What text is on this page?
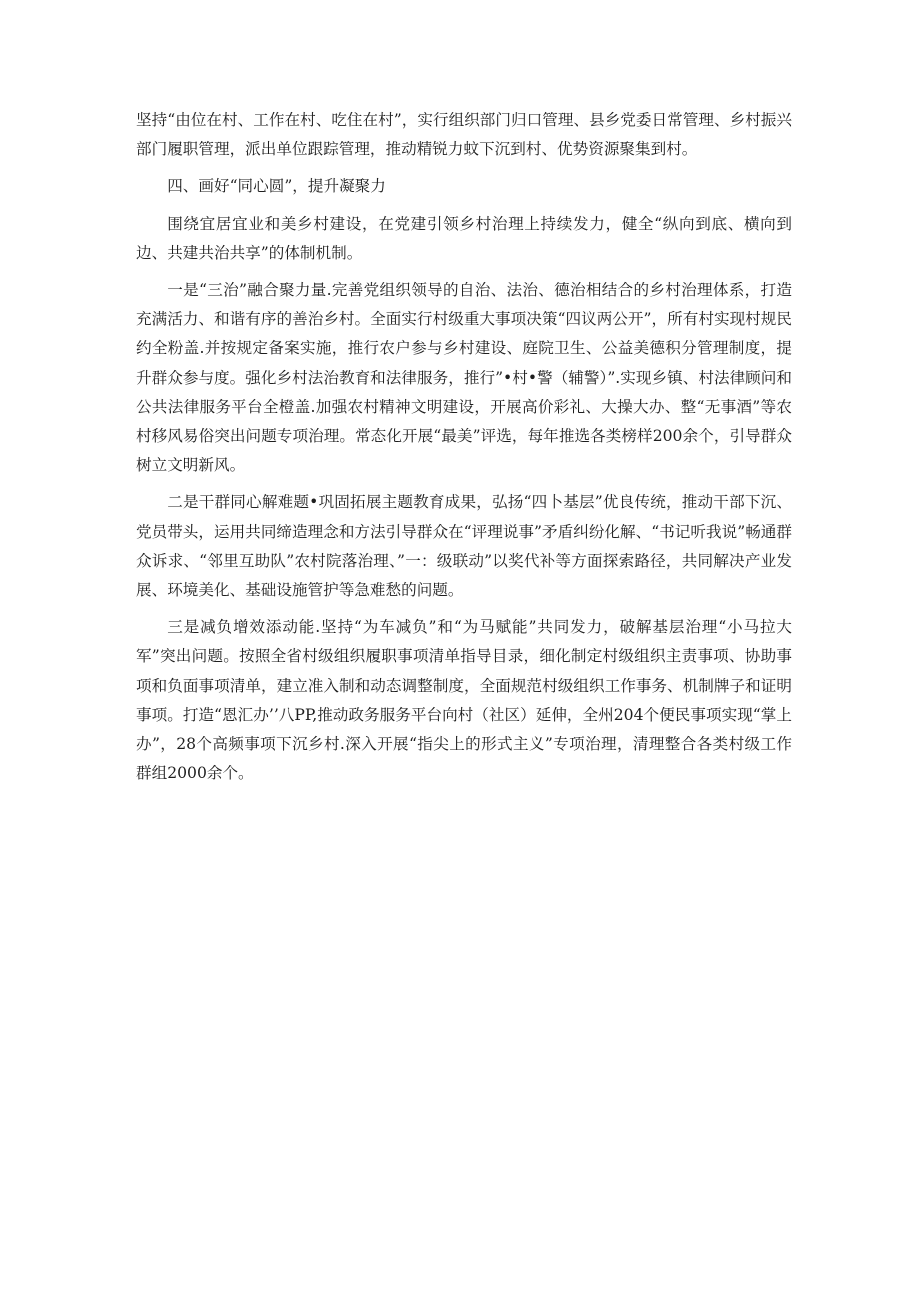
坚持“由位在村、工作在村、吃住在村”，实行组织部门归口管理、县乡党委日常管理、乡村振兴部门履职管理，派出单位跟踪管理，推动精锐力蚊下沉到村、优势资源聚集到村。

四、画好“同心圆”，提升凝聚力

围绕宜居宜业和美乡村建设，在党建引领乡村治理上持续发力，健全“纵向到底、横向到边、共建共治共享”的体制机制。

一是“三治”融合聚力量.完善党组织领导的自治、法治、德治相结合的乡村治理体系，打造充满活力、和谐有序的善治乡村。全面实行村级重大事项决策“四议两公开”，所有村实现村规民约全粉盖.并按规定备案实施，推行农户参与乡村建设、庭院卫生、公益美德积分管理制度，提升群众参与度。强化乡村法治教育和法律服务，推行”•村•警（辅警）”.实现乡镇、村法律顾问和公共法律服务平台全橙盖.加强农村精神文明建设，开展高价彩礼、大操大办、整“无事酒”等农村移风易俗突出问题专项治理。常态化开展“最美”评选，每年推选各类榜样200余个，引导群众树立文明新风。

二是干群同心解难题•巩固拓展主题教育成果，弘扬“四卜基层”优良传统，推动干部下沉、党员带头，运用共同缔造理念和方法引导群众在“评理说事”矛盾纠纷化解、“书记听我说”畅通群众诉求、“邻里互助队”农村院落治理、”一：级联动”以奖代补等方面探索路径，共同解决产业发展、环境美化、基础设施管护等急难愁的问题。

三是减负增效添动能.坚持“为车减负”和“为马赋能”共同发力，破解基层治理“小马拉大军”突出问题。按照全省村级组织履职事项清单指导目录，细化制定村级组织主责事项、协助事项和负面事项清单，建立准入制和动态调整制度，全面规范村级组织工作事务、机制牌子和证明事项。打造“恩汇办’’八PP,推动政务服务平台向村（社区）延伸，全州204个便民事项实现“掌上办”，28个高频事项下沉乡村.深入开展“指尖上的形式主义”专项治理，清理整合各类村级工作群组2000余个。
